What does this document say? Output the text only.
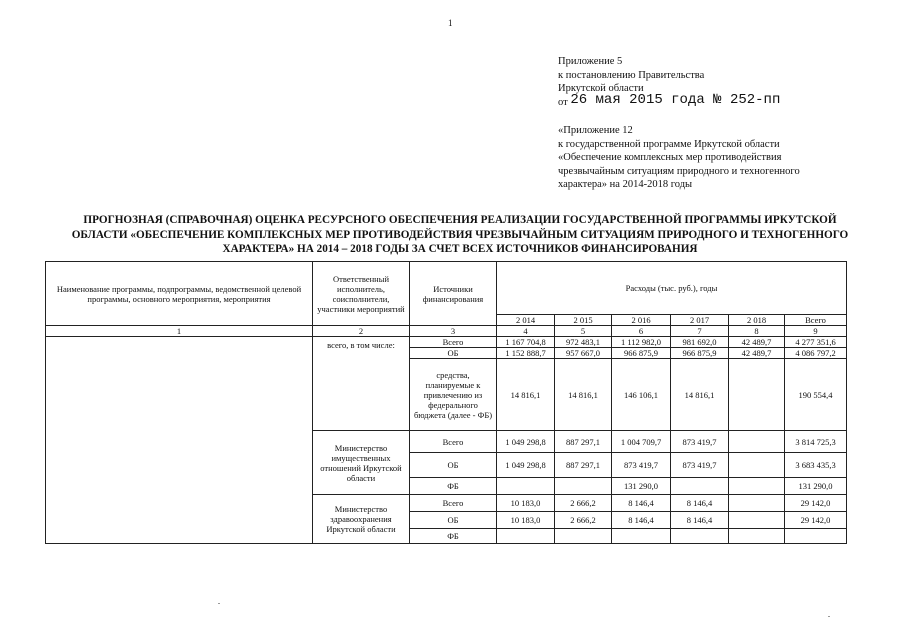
1
Приложение 5
к постановлению Правительства
Иркутской области
от 26 мая 2015 года № 252-пп
«Приложение 12
к государственной программе Иркутской области
«Обеспечение комплексных мер противодействия
чрезвычайным ситуациям природного и техногенного
характера» на 2014-2018 годы
ПРОГНОЗНАЯ (СПРАВОЧНАЯ) ОЦЕНКА РЕСУРСНОГО ОБЕСПЕЧЕНИЯ РЕАЛИЗАЦИИ ГОСУДАРСТВЕННОЙ ПРОГРАММЫ ИРКУТСКОЙ
ОБЛАСТИ «ОБЕСПЕЧЕНИЕ КОМПЛЕКСНЫХ МЕР ПРОТИВОДЕЙСТВИЯ ЧРЕЗВЫЧАЙНЫМ СИТУАЦИЯМ ПРИРОДНОГО И ТЕХНОГЕННОГО
ХАРАКТЕРА» НА 2014 – 2018 ГОДЫ ЗА СЧЕТ ВСЕХ ИСТОЧНИКОВ ФИНАНСИРОВАНИЯ
Наименование программы, подпрограммы, ведомственной целевой программы, основного мероприятия, мероприятия	Ответственный исполнитель, соисполнители, участники мероприятий	Источники финансирования	Расходы (тыс. руб.), годы					
			2 014	2 015	2 016	2 017	2 018	Всего
1	2	3	4	5	6	7	8	9
	всего, в том числе:	Всего	1 167 704,8	972 483,1	1 112 982,0	981 692,0	42 489,7	4 277 351,6
		ОБ	1 152 888,7	957 667,0	966 875,9	966 875,9	42 489,7	4 086 797,2
		средства, планируемые к привлечению из федерального бюджета (далее - ФБ)	14 816,1	14 816,1	146 106,1	14 816,1		190 554,4
	Министерство имущественных отношений Иркутской области	Всего	1 049 298,8	887 297,1	1 004 709,7	873 419,7		3 814 725,3
		ОБ	1 049 298,8	887 297,1	873 419,7	873 419,7		3 683 435,3
		ФБ			131 290,0			131 290,0
	Министерство здравоохранения Иркутской области	Всего	10 183,0	2 666,2	8 146,4	8 146,4		29 142,0
		ОБ	10 183,0	2 666,2	8 146,4	8 146,4		29 142,0
		ФБ						
